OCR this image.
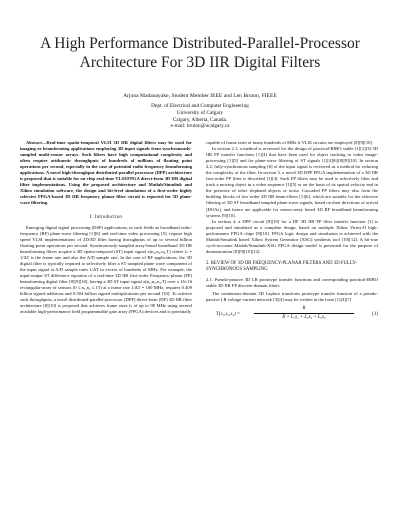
A High Performance Distributed-Parallel-Processor Architecture For 3D IIR Digital Filters
Arjuna Madanayake, Student Member IEEE and Len Bruton, FIEEE
Dept. of Electrical and Computer Engineering
University of Calgary
Calgary, Alberta, Canada.
e-mail: bruton@ucalgary.ca

Abstract—Real-time spatio-temporal VLSI 3D IIR digital filters may be used for imaging or beamforming applications employing 3D input signals from synchronously-sampled multi-sensor arrays. Such filters have high computational complexity and often require arithmetic throughputs of hundreds of millions of floating point operations per second, especially in the case of potential radio frequency beamforming applications. A novel high-throughput distributed parallel processor (DPP) architecture is proposed that is suitable for on-chip real-time VLSI/FPGA direct-form 3D IIR digital filter implementations. Using the proposed architecture and Matlab/Simulink and Xilinx simulation software, the design and bit-level simulation of a first-order highly selective FPGA-based 3D IIR frequency planar filter circuit is reported for 3D plane-wave filtering.

I. Introduction

Emerging digital signal processing (DSP) applications, in such fields as broadband radio-frequency (RF) plane-wave filtering [1][6] and real-time video processing [5], require high speed VLSI implementations of 2D/3D filter having throughputs of up to several billion floating-point operations per second. Synchronously-sampled array-based broadband 3D IIR beamforming filters acquire a 3D spatio-temporal (ST) input signal x(n₁,n₂,n₃,T) where fₛ = 1/ΔT is the frame rate and also the A/D sample rate. In the case of RF applications, the 3D digital filter is typically required to selectively filter a ST sampled plane wave component of the input signal at A/D sample rates 1/ΔT in excess of hundreds of MHz. For example, the input-output ST difference equation of a real-time 3D IIR first-order Frequency-planar (FP) beamforming digital filter [8][9][10], having a 3D ST input signal x(n₁,n₂,n₃,T) over a 16×16 rectangular-array of sensors (0 ≤ n₁,n₂ ≤ 15) at a frame rate 1/ΔT = 100 MHz, requires 0.409 billion signed additions and 0.304 billion signed multiplications per second [10]. To achieve such throughputs, a novel distributed-parallel-processor (DPP) direct-form (DF) 3D IIR filter architecture [8][10] is proposed that achieves frame rates fₛ of up to 98 MHz using several available high-performance field programmable gate array (FPGA) devices and is potentially

capable of frame rates of many hundreds of MHz if VLSI circuits are employed [8][9][10].

In section 2.1, a method is reviewed for the design of practical-BIBO stable [1][2][3] 3D IIR FP transfer functions [1][4] that have been used for object tracking in video image-processing [1][5] and for plane-wave filtering of ST signals [1][4][6][8][9][10]. In section 2.2, fully-synchronous sampling [6] of the input signal is reviewed as a method for reducing the complexity of the filter. In section 3, a novel 3D DPP FPGA implementation of a 3D IIR first-order FP filter is described [1][4]. Such FP filters may be used to selectively filter and track a moving object in a video sequence [1][5] or on the basis of its spatial velocity and in the presence of other slepband objects or noise. Cascaded FP filters may also form the building blocks of low-order 3D IIR beam-filters [1][6], which are suitable for the selective filtering of 3D ST broadband sampled plane-wave signals, based on their directions of arrival (DOAs), and hence are applicable for sensor-array based 3D RF broadband beamforming systems [9][10].

In section 4, a DPP circuit [8][10] for a DF 3D IIR FP filter transfer function [1] is proposed and simulated as a complete design, based on multiple Xilinx Virtex-II high-performance FPGA chips [8][10]. FPGA logic design and simulation is achieved with the Matlab/Simulink based Xilinx System Generator (XSG) synthesis tool [10][12]. A bit-true cycle-accurate Matlab/Simulink-XSG FPGA design model is presented for the purpose of demonstration [8][9][10][12].

2. REVIEW OF 3D IIR FREQUENCY-PLANAR FILTERS AND 3D FULLY-SYNCHRONOUS SAMPLING
2.1. Pseudo-passive 3D LR prototype transfer functions and corresponding practical-BIBO stable 3D IIR FP discrete-domain filters

The continuous-domain 3D Laplace transform prototype transfer function of a pseudo-passive LR voltage-current network [3][4] may be written in the form [1][4][7]

T(s₁,s₂,s₃) =	$\frac{R}{\text{R + L₁s₁ + L₂s₂ + L₃s₃}}$	(1)
